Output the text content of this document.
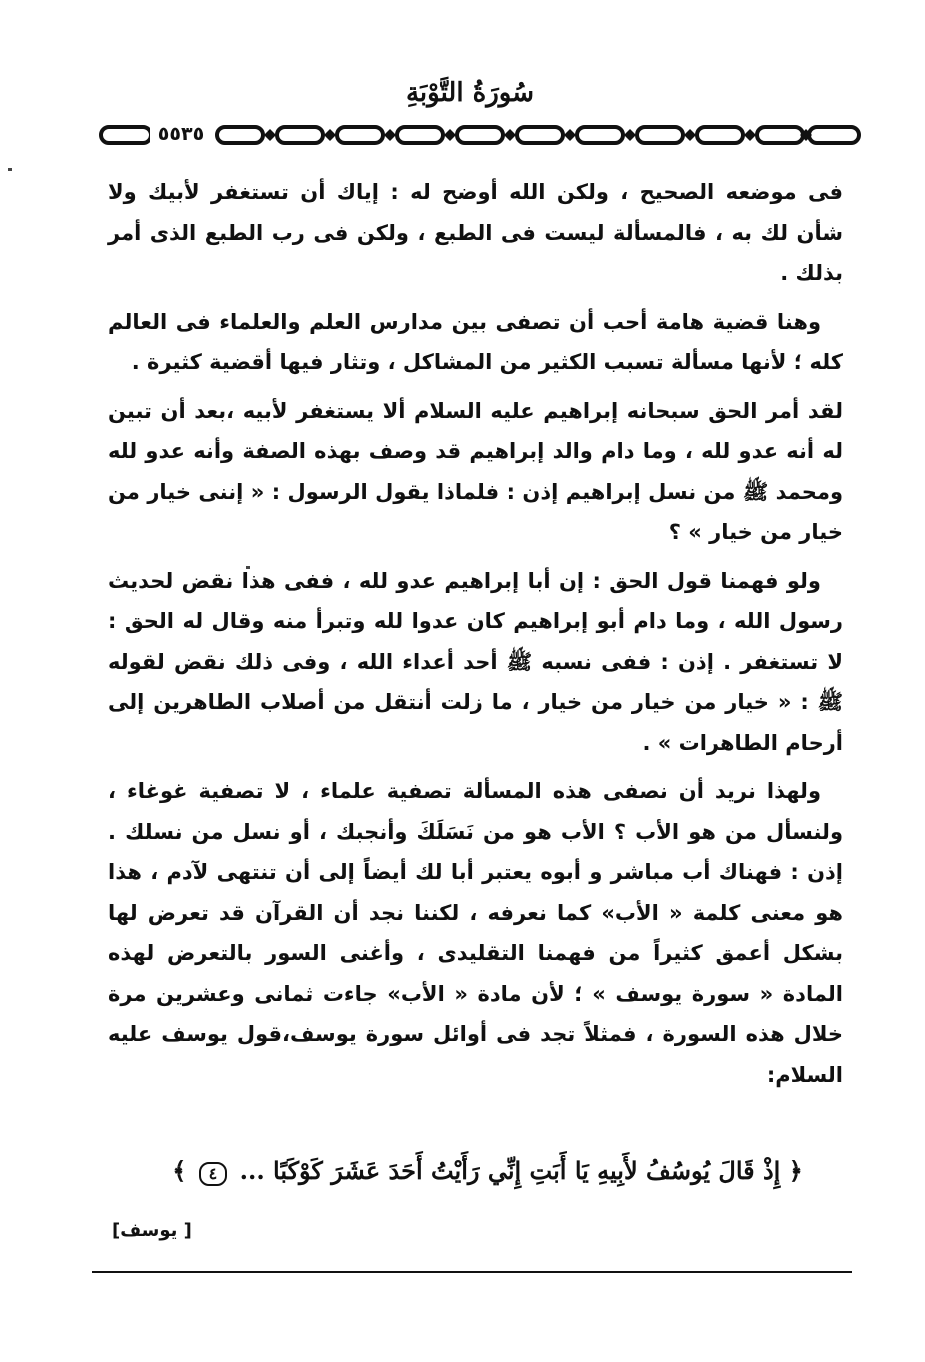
سُورَةُ التَّوْبَةِ
٥٥٣٥

فى موضعه الصحيح ، ولكن الله أوضح له : إياك أن تستغفر لأبيك ولا شأن لك به ، فالمسألة ليست فى الطبع ، ولكن فى رب الطبع الذى أمر بذلك .

وهنا قضية هامة أحب أن تصفى بين مدارس العلم والعلماء فى العالم كله ؛ لأنها مسألة تسبب الكثير من المشاكل ، وتثار فيها أقضية كثيرة .

لقد أمر الحق سبحانه إبراهيم عليه السلام ألا يستغفر لأبيه ،بعد أن تبين له أنه عدو لله ، وما دام والد إبراهيم قد وصف بهذه الصفة وأنه عدو لله ومحمد ﷺ من نسل إبراهيم إذن : فلماذا يقول الرسول : « إننى خيار من خيار من خيار » ؟

ولو فهمنا قول الحق : إن أبا إبراهيم عدو لله ، ففى هذا نقض لحديث رسول الله ، وما دام أبو إبراهيم كان عدوا لله وتبرأ منه وقال له الحق : لا تستغفر . إذن : ففى نسبه ﷺ أحد أعداء الله ، وفى ذلك نقض لقوله ﷺ : « خيار من خيار من خيار ، ما زلت أنتقل من أصلاب الطاهرين إلى أرحام الطاهرات » .

ولهذا نريد أن نصفى هذه المسألة تصفية علماء ، لا تصفية غوغاء ، ولنسأل من هو الأب ؟ الأب هو من نَسَلَكَ وأنجبك ، أو نسل من نسلك . إذن : فهناك أب مباشر و أبوه يعتبر أبا لك أيضاً إلى أن تنتهى لآدم ، هذا هو معنى كلمة « الأب» كما نعرفه ، لكننا نجد أن القرآن قد تعرض لها بشكل أعمق كثيراً من فهمنا التقليدى ، وأغنى السور بالتعرض لهذه المادة « سورة يوسف » ؛ لأن مادة « الأب» جاءت ثمانى وعشرين مرة خلال هذه السورة ، فمثلاً تجد فى أوائل سورة يوسف،قول يوسف عليه السلام:

﴿ إِذْ قَالَ يُوسُفُ لأَبِيهِ يَا أَبَتِ إِنِّي رَأَيْتُ أَحَدَ عَشَرَ كَوْكَبًا ... ٤ ﴾
[ يوسف]
